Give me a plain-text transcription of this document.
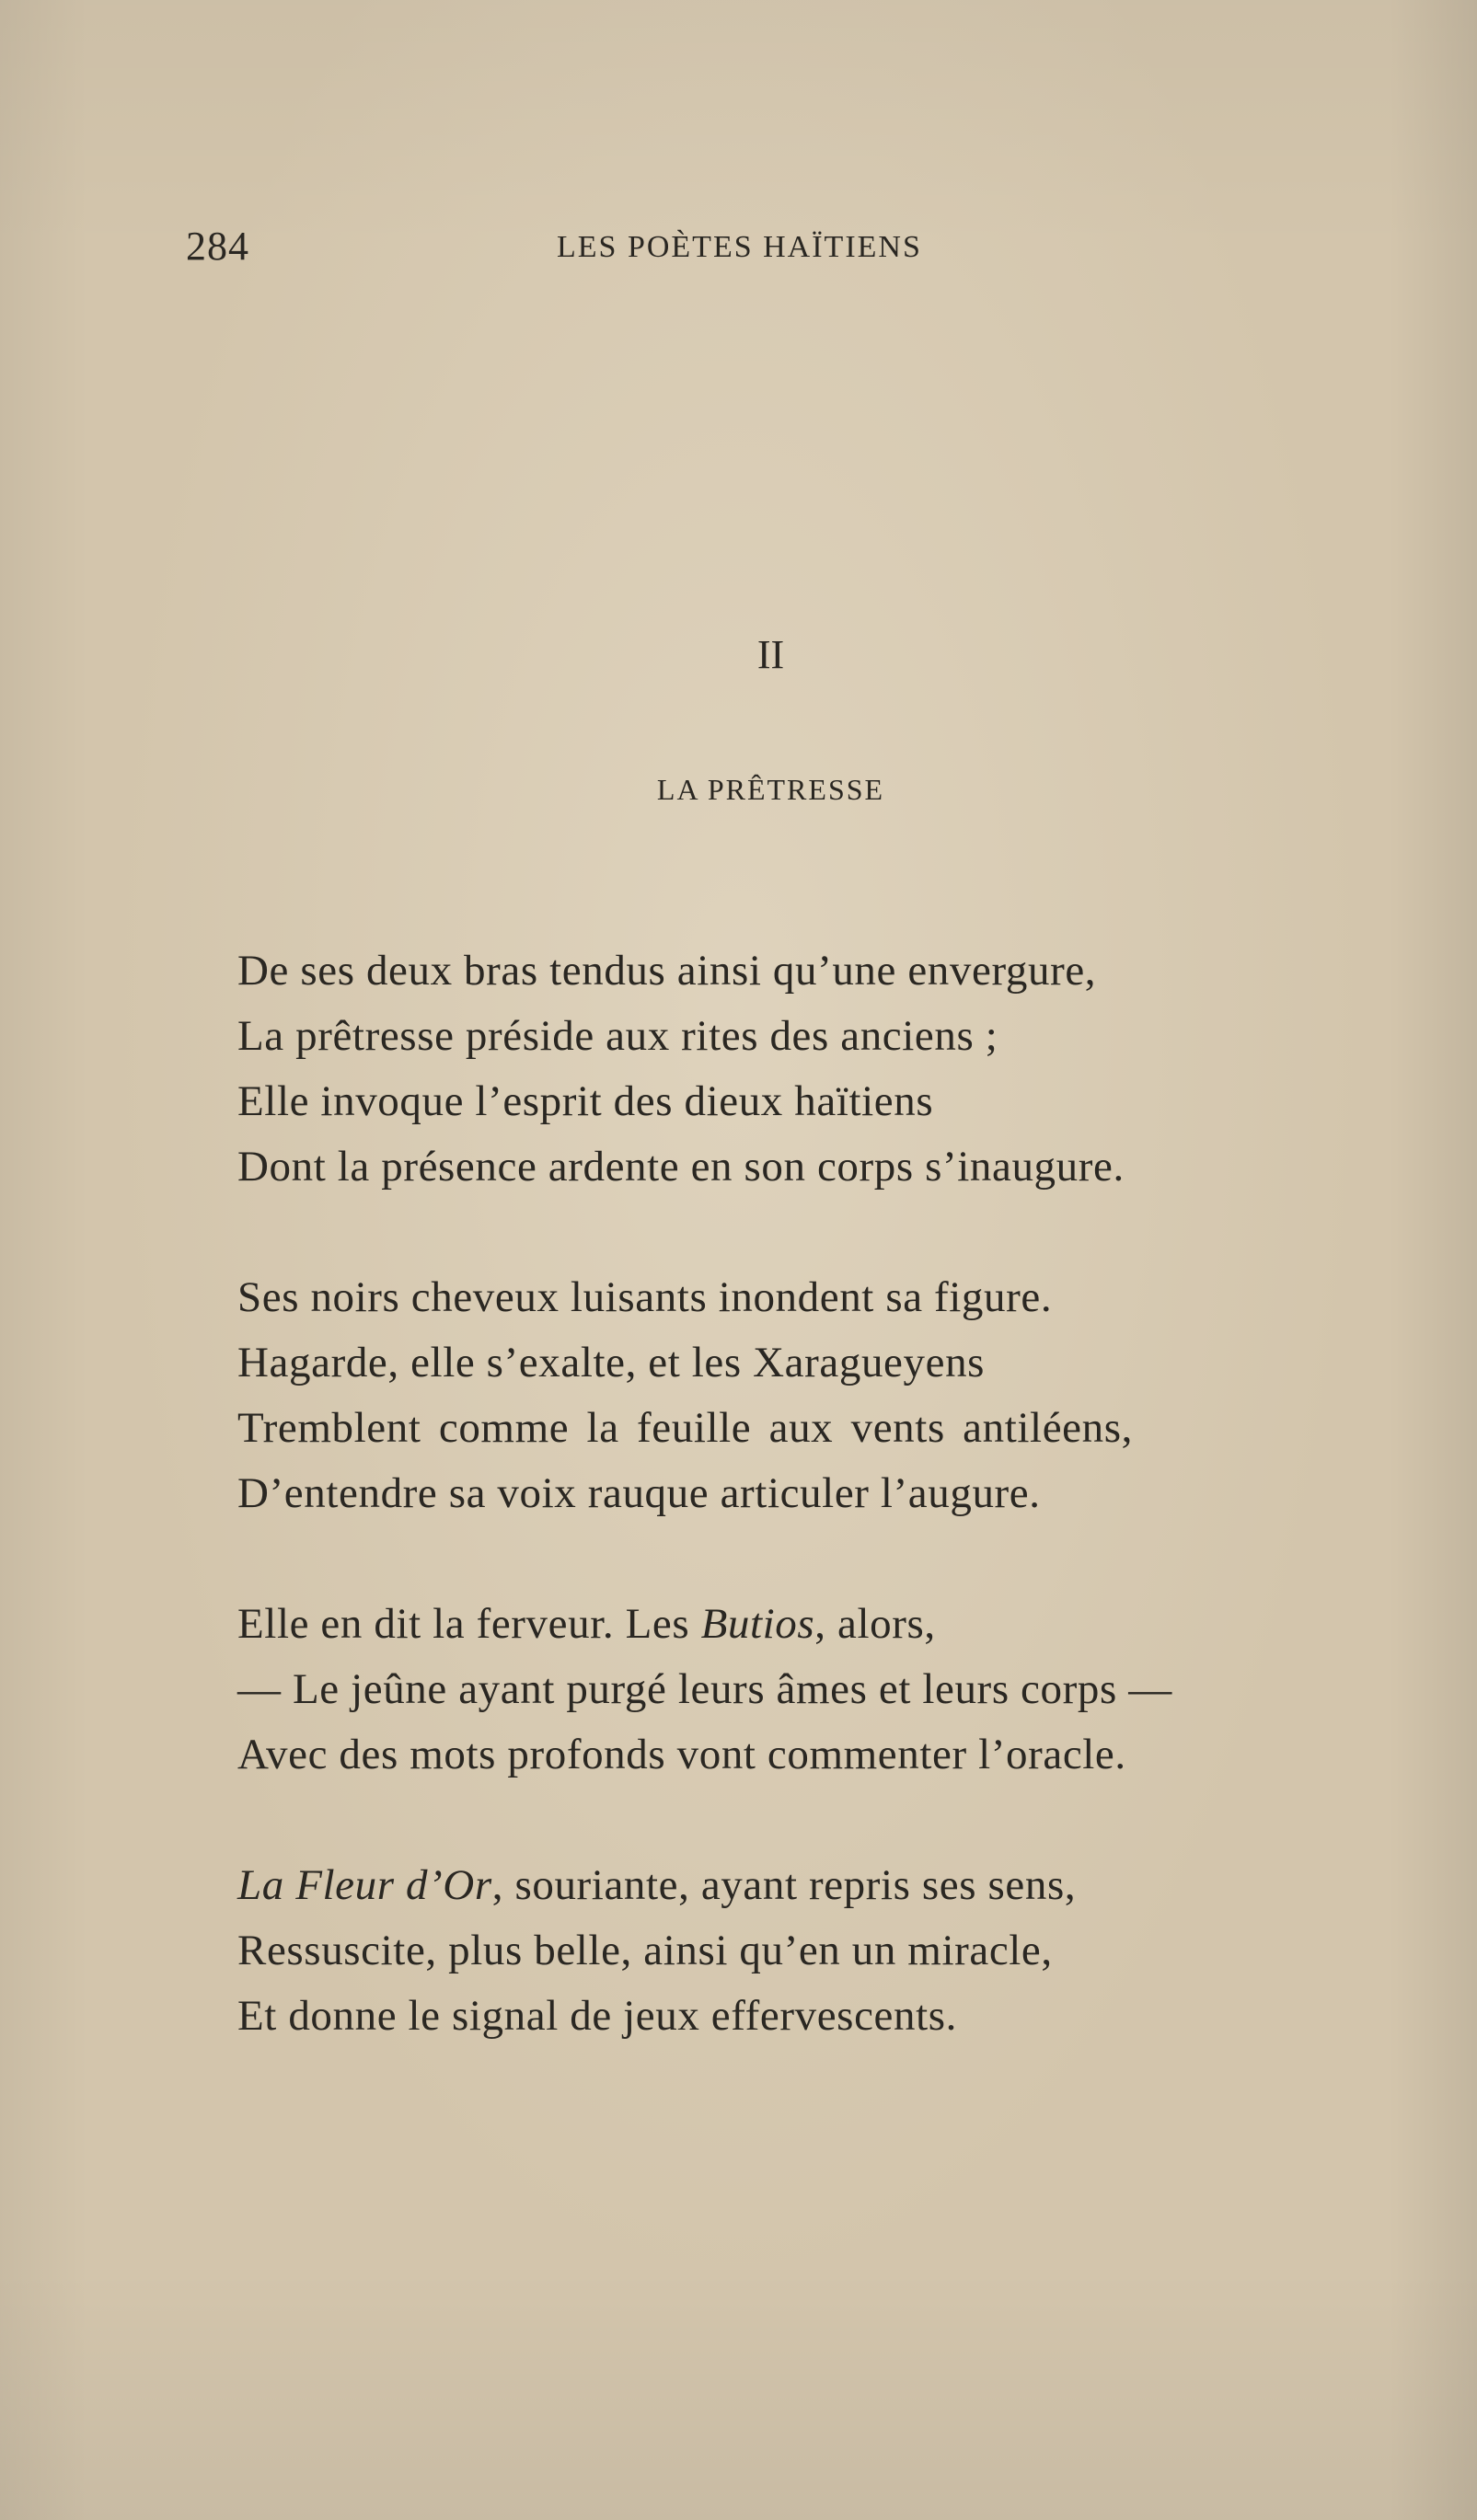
284	LES POÈTES HAÏTIENS
II
LA PRÊTRESSE
De ses deux bras tendus ainsi qu’une envergure,
La prêtresse préside aux rites des anciens ;
Elle invoque l’esprit des dieux haïtiens
Dont la présence ardente en son corps s’inaugure.
Ses noirs cheveux luisants inondent sa figure.
Hagarde, elle s’exalte, et les Xaragueyens
Tremblent comme la feuille aux vents antiléens,
D’entendre sa voix rauque articuler l’augure.
Elle en dit la ferveur. Les Butios, alors,
— Le jeûne ayant purgé leurs âmes et leurs corps —
Avec des mots profonds vont commenter l’oracle.
La Fleur d’Or, souriante, ayant repris ses sens,
Ressuscite, plus belle, ainsi qu’en un miracle,
Et donne le signal de jeux effervescents.
